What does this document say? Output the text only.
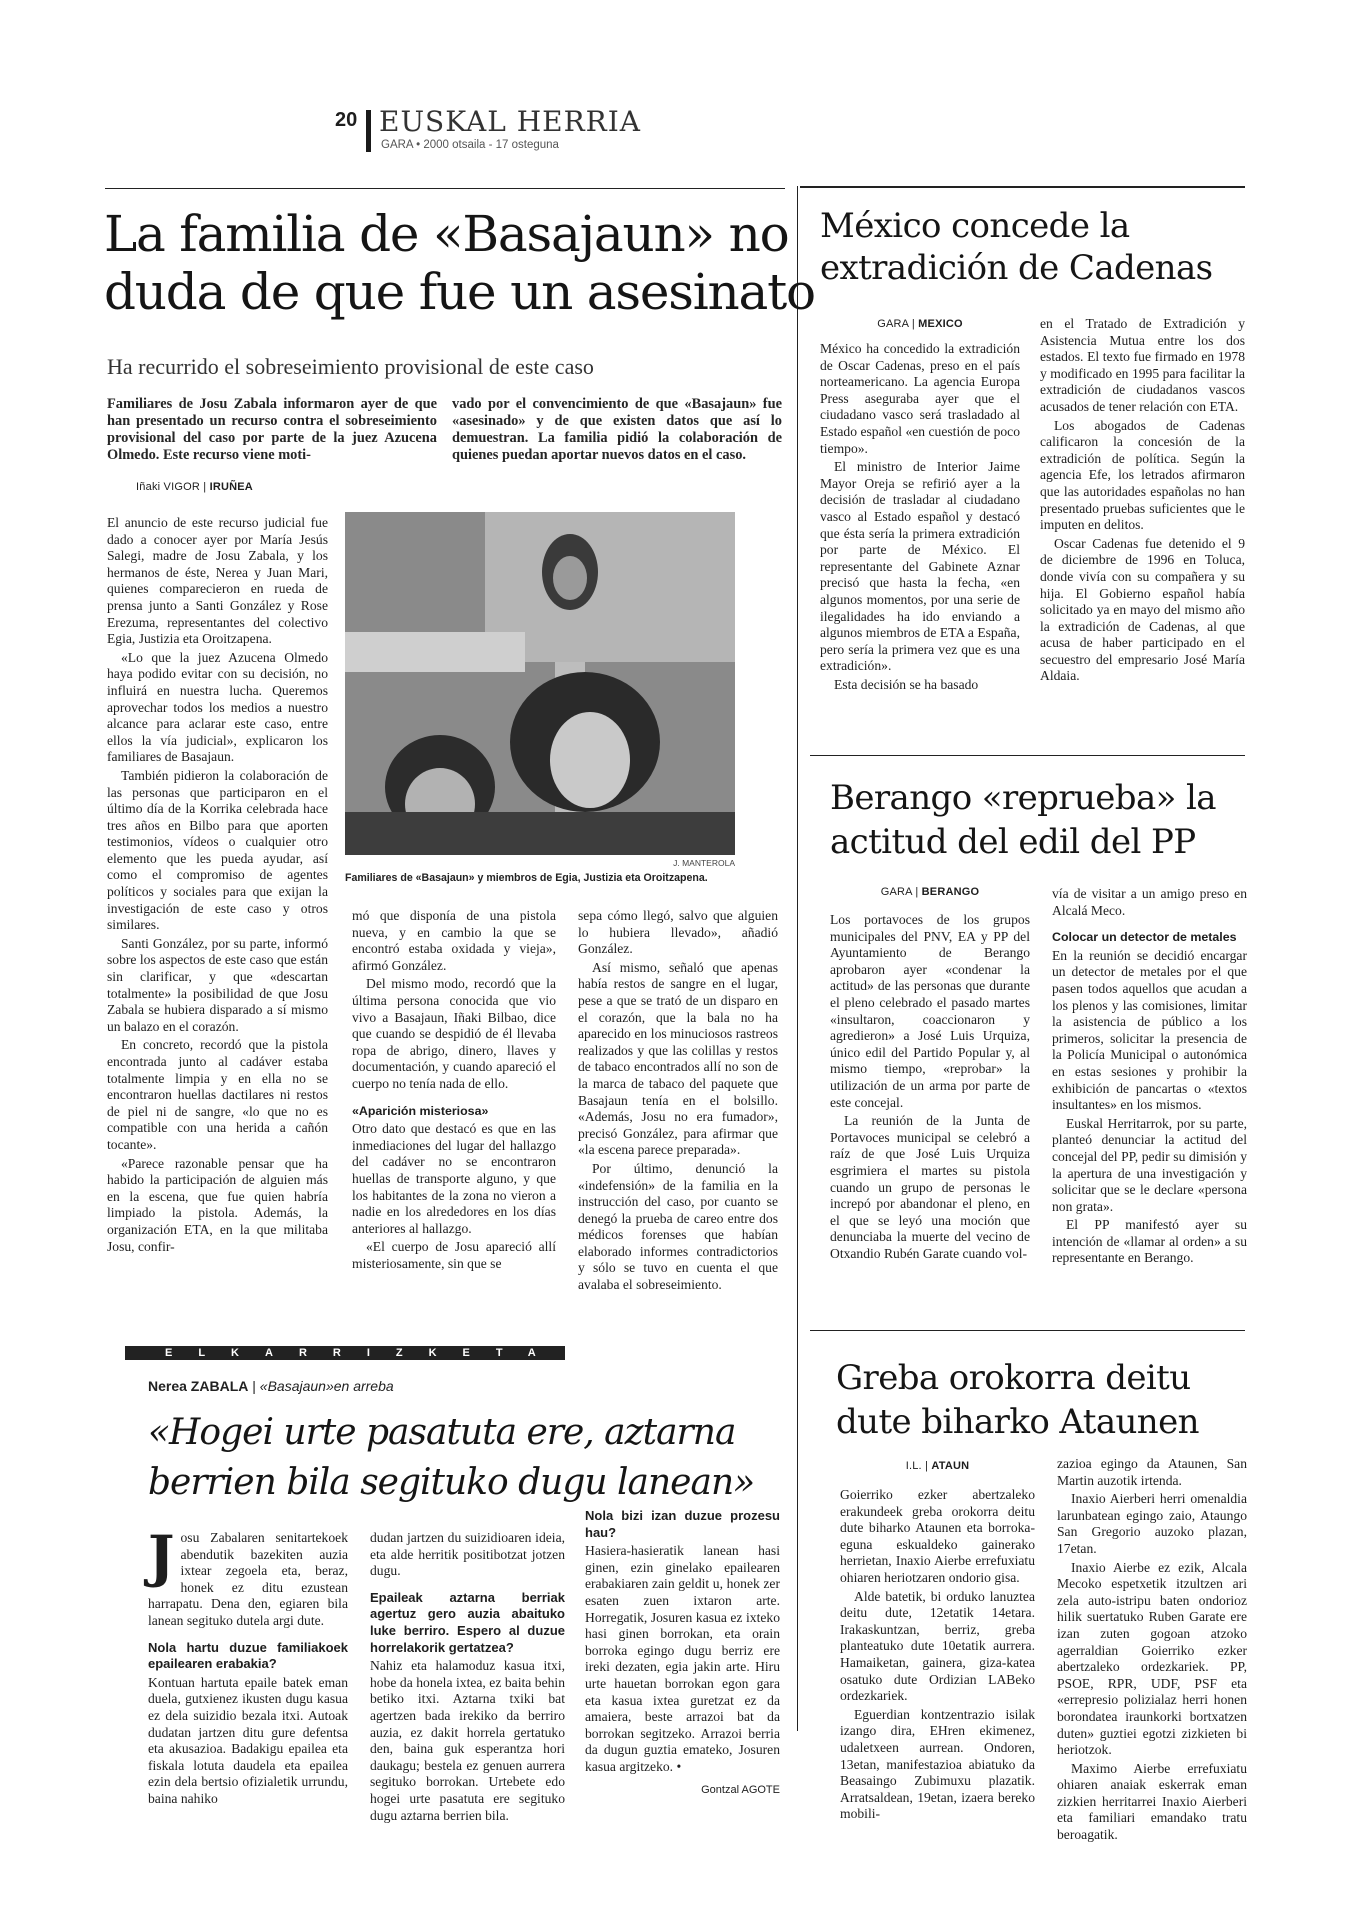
20 EUSKAL HERRIA
GARA • 2000 otsaila - 17 osteguna
La familia de «Basajaun» no
duda de que fue un asesinato
Ha recurrido el sobreseimiento provisional de este caso
Familiares de Josu Zabala informaron ayer de que han presentado un recurso contra el sobreseimiento provisional del caso por parte de la juez Azucena Olmedo. Este recurso viene moti-
vado por el convencimiento de que «Basajaun» fue «asesinado» y de que existen datos que así lo demuestran. La familia pidió la colaboración de quienes puedan aportar nuevos datos en el caso.
Iñaki VIGOR | IRUÑEA

El anuncio de este recurso judicial fue dado a conocer ayer por María Jesús Salegi, madre de Josu Zabala, y los hermanos de éste, Nerea y Juan Mari, quienes comparecieron en rueda de prensa junto a Santi González y Rose Erezuma, representantes del colectivo Egia, Justizia eta Oroitzapena.

«Lo que la juez Azucena Olmedo haya podido evitar con su decisión, no influirá en nuestra lucha. Queremos aprovechar todos los medios a nuestro alcance para aclarar este caso, entre ellos la vía judicial», explicaron los familiares de Basajaun.

También pidieron la colaboración de las personas que participaron en el último día de la Korrika celebrada hace tres años en Bilbo para que aporten testimonios, vídeos o cualquier otro elemento que les pueda ayudar, así como el compromiso de agentes políticos y sociales para que exijan la investigación de este caso y otros similares.

Santi González, por su parte, informó sobre los aspectos de este caso que están sin clarificar, y que «descartan totalmente» la posibilidad de que Josu Zabala se hubiera disparado a sí mismo un balazo en el corazón.

En concreto, recordó que la pistola encontrada junto al cadáver estaba totalmente limpia y en ella no se encontraron huellas dactilares ni restos de piel ni de sangre, «lo que no es compatible con una herida a cañón tocante».

«Parece razonable pensar que ha habido la participación de alguien más en la escena, que fue quien habría limpiado la pistola. Además, la organización ETA, en la que militaba Josu, confir-

J. MANTEROLA
Familiares de «Basajaun» y miembros de Egia, Justizia eta Oroitzapena.

mó que disponía de una pistola nueva, y en cambio la que se encontró estaba oxidada y vieja», afirmó González.

Del mismo modo, recordó que la última persona conocida que vio vivo a Basajaun, Iñaki Bilbao, dice que cuando se despidió de él llevaba ropa de abrigo, dinero, llaves y documentación, y cuando apareció el cuerpo no tenía nada de ello.

«Aparición misteriosa»

Otro dato que destacó es que en las inmediaciones del lugar del hallazgo del cadáver no se encontraron huellas de transporte alguno, y que los habitantes de la zona no vieron a nadie en los alrededores en los días anteriores al hallazgo.

«El cuerpo de Josu apareció allí misteriosamente, sin que se

sepa cómo llegó, salvo que alguien lo hubiera llevado», añadió González.

Así mismo, señaló que apenas había restos de sangre en el lugar, pese a que se trató de un disparo en el corazón, que la bala no ha aparecido en los minuciosos rastreos realizados y que las colillas y restos de tabaco encontrados allí no son de la marca de tabaco del paquete que Basajaun tenía en el bolsillo. «Además, Josu no era fumador», precisó González, para afirmar que «la escena parece preparada».

Por último, denunció la «indefensión» de la familia en la instrucción del caso, por cuanto se denegó la prueba de careo entre dos médicos forenses que habían elaborado informes contradictorios y sólo se tuvo en cuenta el que avalaba el sobreseimiento.

México concede la
extradición de Cadenas
GARA | MEXICO

México ha concedido la extradición de Oscar Cadenas, preso en el país norteamericano. La agencia Europa Press aseguraba ayer que el ciudadano vasco será trasladado al Estado español «en cuestión de poco tiempo».

El ministro de Interior Jaime Mayor Oreja se refirió ayer a la decisión de trasladar al ciudadano vasco al Estado español y destacó que ésta sería la primera extradición por parte de México. El representante del Gabinete Aznar precisó que hasta la fecha, «en algunos momentos, por una serie de ilegalidades ha ido enviando a algunos miembros de ETA a España, pero sería la primera vez que es una extradición».

Esta decisión se ha basado

en el Tratado de Extradición y Asistencia Mutua entre los dos estados. El texto fue firmado en 1978 y modificado en 1995 para facilitar la extradición de ciudadanos vascos acusados de tener relación con ETA.

Los abogados de Cadenas calificaron la concesión de la extradición de política. Según la agencia Efe, los letrados afirmaron que las autoridades españolas no han presentado pruebas suficientes que le imputen en delitos.

Oscar Cadenas fue detenido el 9 de diciembre de 1996 en Toluca, donde vivía con su compañera y su hija. El Gobierno español había solicitado ya en mayo del mismo año la extradición de Cadenas, al que acusa de haber participado en el secuestro del empresario José María Aldaia.

Berango «reprueba» la
actitud del edil del PP
GARA | BERANGO

Los portavoces de los grupos municipales del PNV, EA y PP del Ayuntamiento de Berango aprobaron ayer «condenar la actitud» de las personas que durante el pleno celebrado el pasado martes «insultaron, coaccionaron y agredieron» a José Luis Urquiza, único edil del Partido Popular y, al mismo tiempo, «reprobar» la utilización de un arma por parte de este concejal.

La reunión de la Junta de Portavoces municipal se celebró a raíz de que José Luis Urquiza esgrimiera el martes su pistola cuando un grupo de personas le increpó por abandonar el pleno, en el que se leyó una moción que denunciaba la muerte del vecino de Otxandio Rubén Garate cuando vol-

vía de visitar a un amigo preso en Alcalá Meco.

Colocar un detector de metales

En la reunión se decidió encargar un detector de metales por el que pasen todos aquellos que acudan a los plenos y las comisiones, limitar la asistencia de público a los primeros, solicitar la presencia de la Policía Municipal o autonómica en estas sesiones y prohibir la exhibición de pancartas o «textos insultantes» en los mismos.

Euskal Herritarrok, por su parte, planteó denunciar la actitud del concejal del PP, pedir su dimisión y la apertura de una investigación y solicitar que se le declare «persona non grata».

El PP manifestó ayer su intención de «llamar al orden» a su representante en Berango.

ELKARRIZKETA
Nerea ZABALA | «Basajaun»en arreba
«Hogei urte pasatuta ere, aztarna
berrien bila segituko dugu lanean»

Josu Zabalaren senitartekoek abendutik bazekiten auzia ixtear zegoela eta, beraz, honek ez ditu ezustean harrapatu. Dena den, egiaren bila lanean segituko dutela argi dute.

Nola hartu duzue familiakoek epailearen erabakia?

Kontuan hartuta epaile batek eman duela, gutxienez ikusten dugu kasua ez dela suizidio bezala itxi. Autoak dudatan jartzen ditu gure defentsa eta akusazioa. Badakigu epailea eta fiskala lotuta daudela eta epailea ezin dela bertsio ofizialetik urrundu, baina nahiko

dudan jartzen du suizidioaren ideia, eta alde herritik positibotzat jotzen dugu.

Epaileak aztarna berriak agertuz gero auzia abaituko luke berriro. Espero al duzue horrelakorik gertatzea?

Nahiz eta halamoduz kasua itxi, hobe da honela ixtea, ez baita behin betiko itxi. Aztarna txiki bat agertzen bada irekiko da berriro auzia, ez dakit horrela gertatuko den, baina guk esperantza hori daukagu; bestela ez genuen aurrera segituko borrokan. Urtebete edo hogei urte pasatuta ere segituko dugu aztarna berrien bila.

Nola bizi izan duzue prozesu hau?

Hasiera-hasieratik lanean hasi ginen, ezin ginelako epailearen erabakiaren zain geldit u, honek zer esaten zuen ixtaron arte. Horregatik, Josuren kasua ez ixteko hasi ginen borrokan, eta orain borroka egingo dugu berriz ere ireki dezaten, egia jakin arte. Hiru urte hauetan borrokan egon gara eta kasua ixtea guretzat ez da amaiera, beste arrazoi bat da borrokan segitzeko. Arrazoi berria da dugun guztia emateko, Josuren kasua argitzeko. •

Gontzal AGOTE
Greba orokorra deitu
dute biharko Ataunen
I.L. | ATAUN

Goierriko ezker abertzaleko erakundeek greba orokorra deitu dute biharko Ataunen eta borroka-eguna eskualdeko gainerako herrietan, Inaxio Aierbe errefuxiatu ohiaren heriotzaren ondorio gisa.

Alde batetik, bi orduko lanuztea deitu dute, 12etatik 14etara. Irakaskuntzan, berriz, greba planteatuko dute 10etatik aurrera. Hamaiketan, gainera, giza-katea osatuko dute Ordizian LABeko ordezkariek.

Eguerdian kontzentrazio isilak izango dira, EHren ekimenez, udaletxeen aurrean. Ondoren, 13etan, manifestazioa abiatuko da Beasaingo Zubimuxu plazatik. Arratsaldean, 19etan, izaera bereko mobili-

zazioa egingo da Ataunen, San Martin auzotik irtenda.

Inaxio Aierberi herri omenaldia larunbatean egingo zaio, Ataungo San Gregorio auzoko plazan, 17etan.

Inaxio Aierbe ez ezik, Alcala Mecoko espetxetik itzultzen ari zela auto-istripu baten ondorioz hilik suertatuko Ruben Garate ere izan zuten gogoan atzoko agerraldian Goierriko ezker abertzaleko ordezkariek. PP, PSOE, RPR, UDF, PSF eta «errepresio polizialaz herri honen borondatea iraunkorki bortxatzen duten» guztiei egotzi zizkieten bi heriotzok.

Maximo Aierbe errefuxiatu ohiaren anaiak eskerrak eman zizkien herritarrei Inaxio Aierberi eta familiari emandako tratu beroagatik.
